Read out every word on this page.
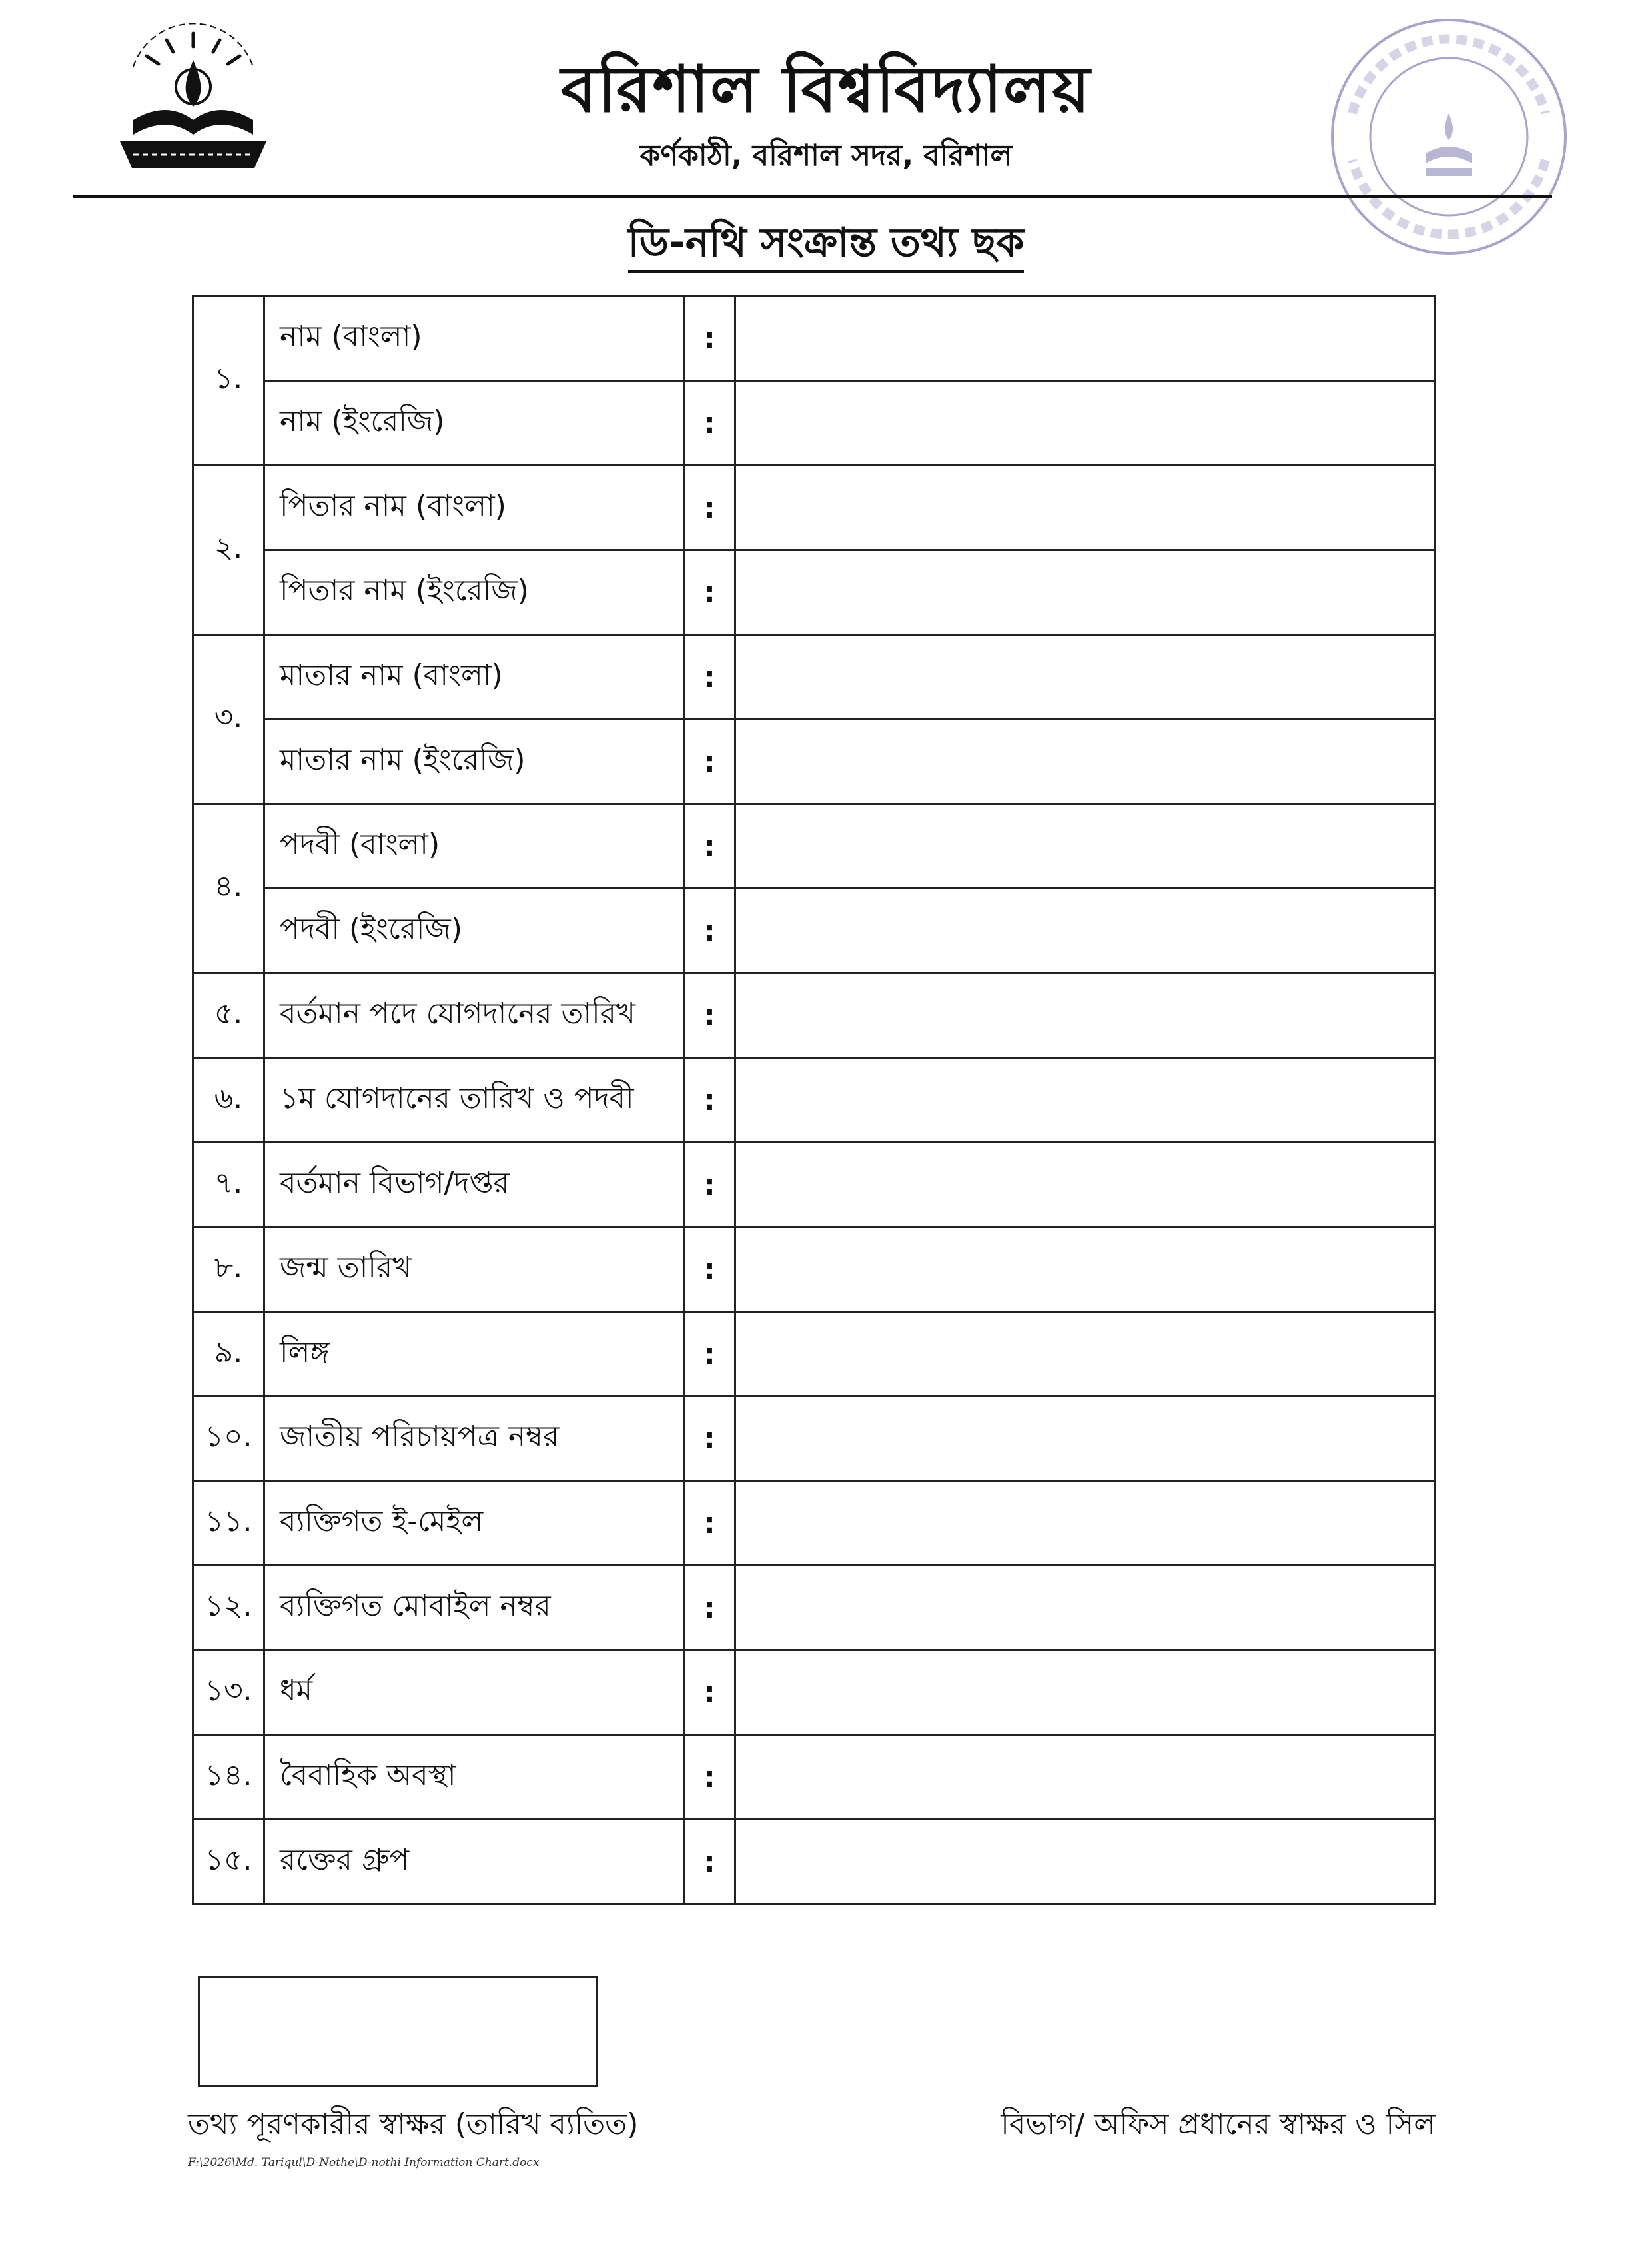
বরিশাল বিশ্ববিদ্যালয়
কর্ণকাঠী, বরিশাল সদর, বরিশাল
ডি-নথি সংক্রান্ত তথ্য ছক
১.	নাম (বাংলা)	:	
	নাম (ইংরেজি)	:	
২.	পিতার নাম (বাংলা)	:	
	পিতার নাম (ইংরেজি)	:	
৩.	মাতার নাম (বাংলা)	:	
	মাতার নাম (ইংরেজি)	:	
৪.	পদবী (বাংলা)	:	
	পদবী (ইংরেজি)	:	
৫.	বর্তমান পদে যোগদানের তারিখ	:	
৬.	১ম যোগদানের তারিখ ও পদবী	:	
৭.	বর্তমান বিভাগ/দপ্তর	:	
৮.	জন্ম তারিখ	:	
৯.	লিঙ্গ	:	
১০.	জাতীয় পরিচায়পত্র নম্বর	:	
১১.	ব্যক্তিগত ই-মেইল	:	
১২.	ব্যক্তিগত মোবাইল নম্বর	:	
১৩.	ধর্ম	:	
১৪.	বৈবাহিক অবস্থা	:	
১৫.	রক্তের গ্রুপ	:	
তথ্য পূরণকারীর স্বাক্ষর (তারিখ ব্যতিত)	বিভাগ/ অফিস প্রধানের স্বাক্ষর ও সিল
F:\2026\Md. Tariqul\D-Nothe\D-nothi Information Chart.docx
